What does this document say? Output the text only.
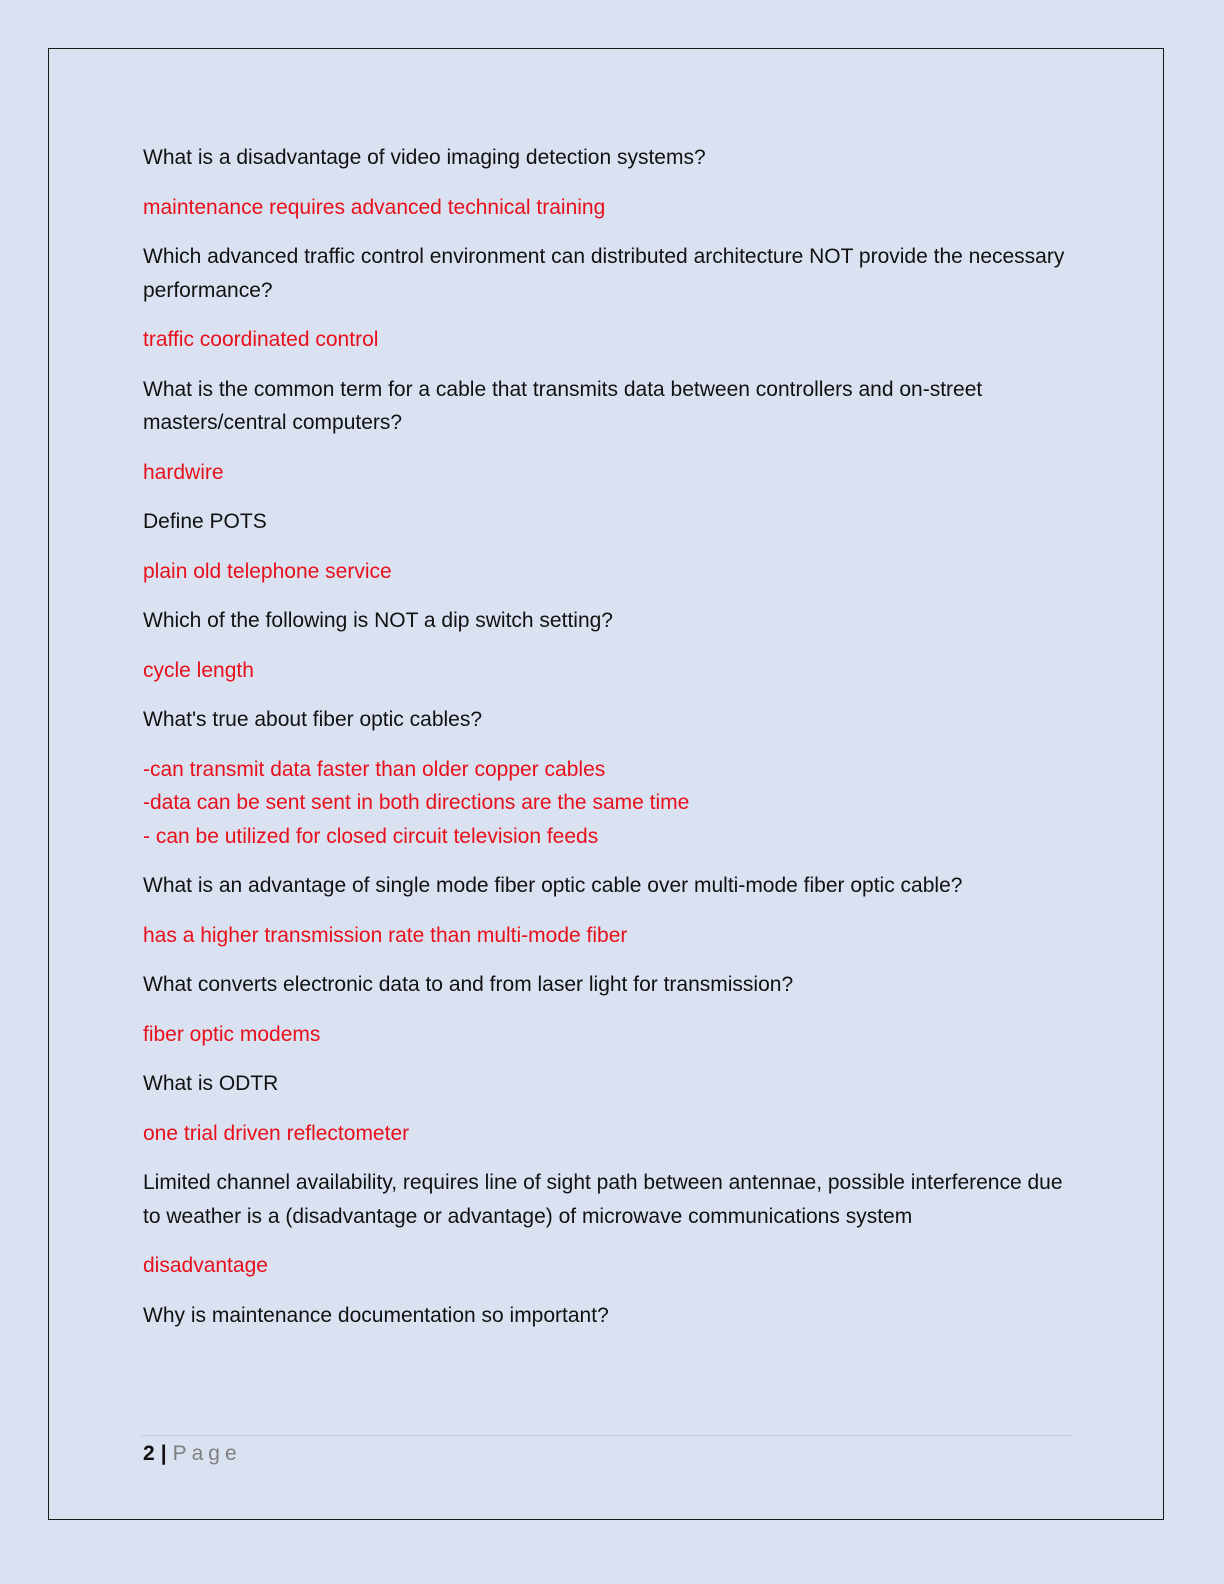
What is a disadvantage of video imaging detection systems?

maintenance requires advanced technical training

Which advanced traffic control environment can distributed architecture NOT provide the necessary performance?

traffic coordinated control

What is the common term for a cable that transmits data between controllers and on-street masters/central computers?

hardwire

Define POTS

plain old telephone service

Which of the following is NOT a dip switch setting?

cycle length

What's true about fiber optic cables?

-can transmit data faster than older copper cables
-data can be sent sent in both directions are the same time
- can be utilized for closed circuit television feeds

What is an advantage of single mode fiber optic cable over multi-mode fiber optic cable?

has a higher transmission rate than multi-mode fiber

What converts electronic data to and from laser light for transmission?

fiber optic modems

What is ODTR

one trial driven reflectometer

Limited channel availability, requires line of sight path between antennae, possible interference due to weather is a (disadvantage or advantage) of microwave communications system

disadvantage

Why is maintenance documentation so important?

2 | Page
